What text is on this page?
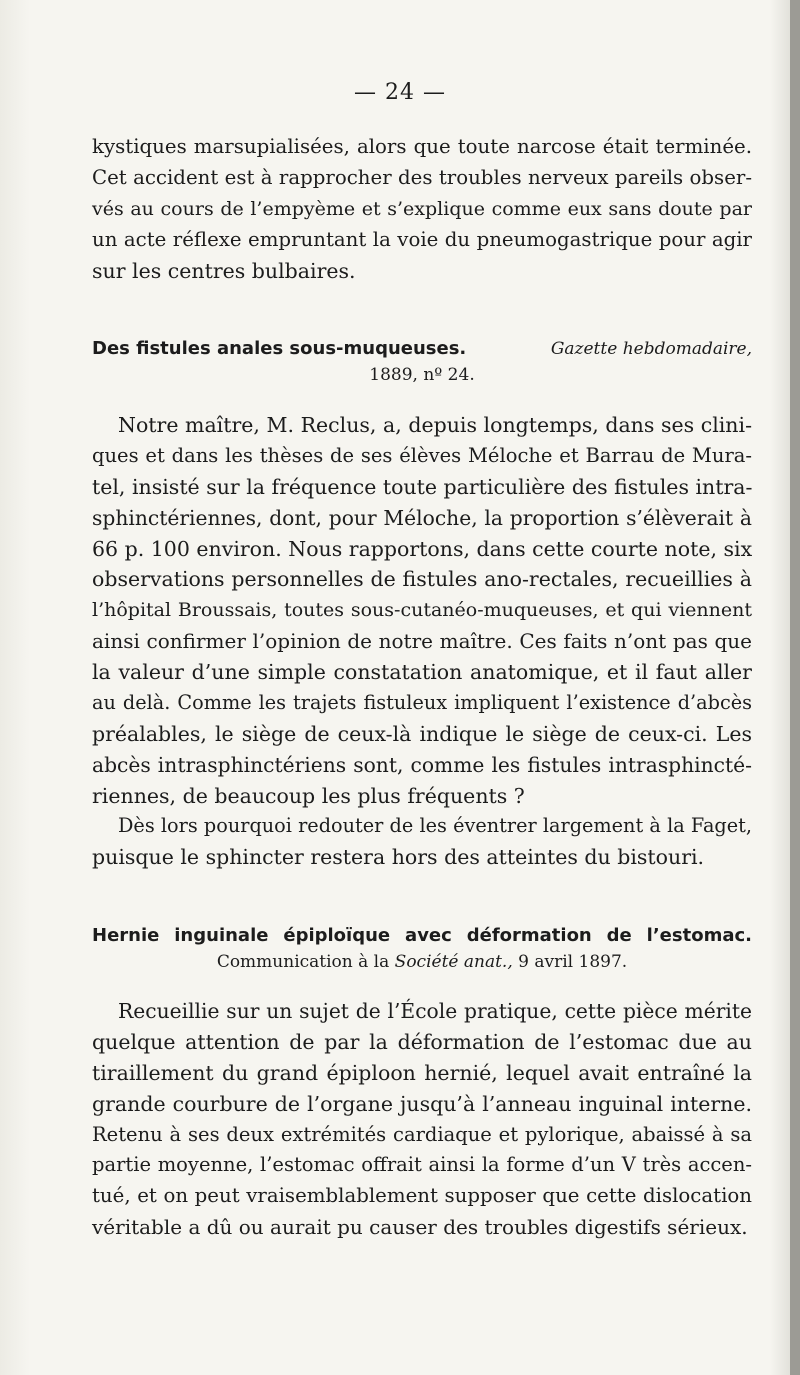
— 24 —
kystiques marsupialisées, alors que toute narcose était terminée.
Cet accident est à rapprocher des troubles nerveux pareils obser-
vés au cours de l’empyème et s’explique comme eux sans doute par
un acte réflexe empruntant la voie du pneumogastrique pour agir
sur les centres bulbaires.
Des fistules anales sous-muqueuses.	Gazette hebdomadaire,
1889, nº 24.
Notre maître, M. Reclus, a, depuis longtemps, dans ses clini-
ques et dans les thèses de ses élèves Méloche et Barrau de Mura-
tel, insisté sur la fréquence toute particulière des fistules intra-
sphinctériennes, dont, pour Méloche, la proportion s’élèverait à
66 p. 100 environ. Nous rapportons, dans cette courte note, six
observations personnelles de fistules ano-rectales, recueillies à
l’hôpital Broussais, toutes sous-cutanéo-muqueuses, et qui viennent
ainsi confirmer l’opinion de notre maître. Ces faits n’ont pas que
la valeur d’une simple constatation anatomique, et il faut aller
au delà. Comme les trajets fistuleux impliquent l’existence d’abcès
préalables, le siège de ceux-là indique le siège de ceux-ci. Les
abcès intrasphinctériens sont, comme les fistules intrasphincté-
riennes, de beaucoup les plus fréquents ?
Dès lors pourquoi redouter de les éventrer largement à la Faget,
puisque le sphincter restera hors des atteintes du bistouri.
Hernie inguinale épiploïque avec déformation de l’estomac.
Communication à la Société anat., 9 avril 1897.
Recueillie sur un sujet de l’École pratique, cette pièce mérite
quelque attention de par la déformation de l’estomac due au
tiraillement du grand épiploon hernié, lequel avait entraîné la
grande courbure de l’organe jusqu’à l’anneau inguinal interne.
Retenu à ses deux extrémités cardiaque et pylorique, abaissé à sa
partie moyenne, l’estomac offrait ainsi la forme d’un V très accen-
tué, et on peut vraisemblablement supposer que cette dislocation
véritable a dû ou aurait pu causer des troubles digestifs sérieux.
